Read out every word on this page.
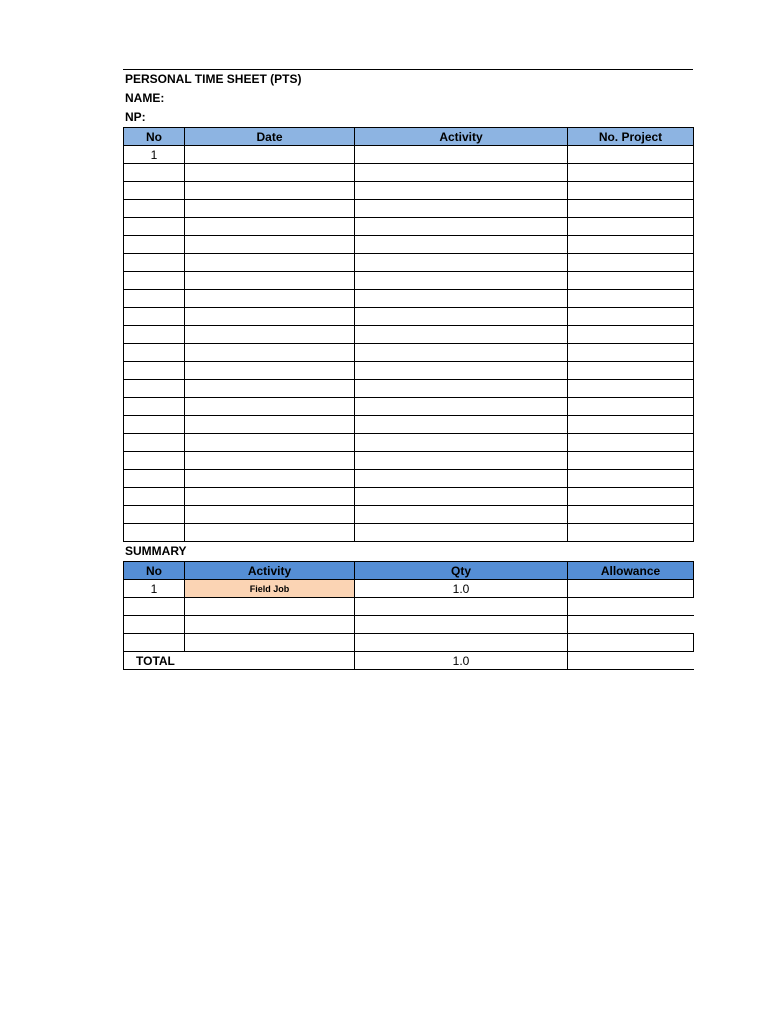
PERSONAL TIME SHEET (PTS)
NAME:
NP:
No	Date	Activity	No. Project
1			

SUMMARY
No	Activity	Qty	Allowance
1	Field Job	1.0	

TOTAL		1.0	
